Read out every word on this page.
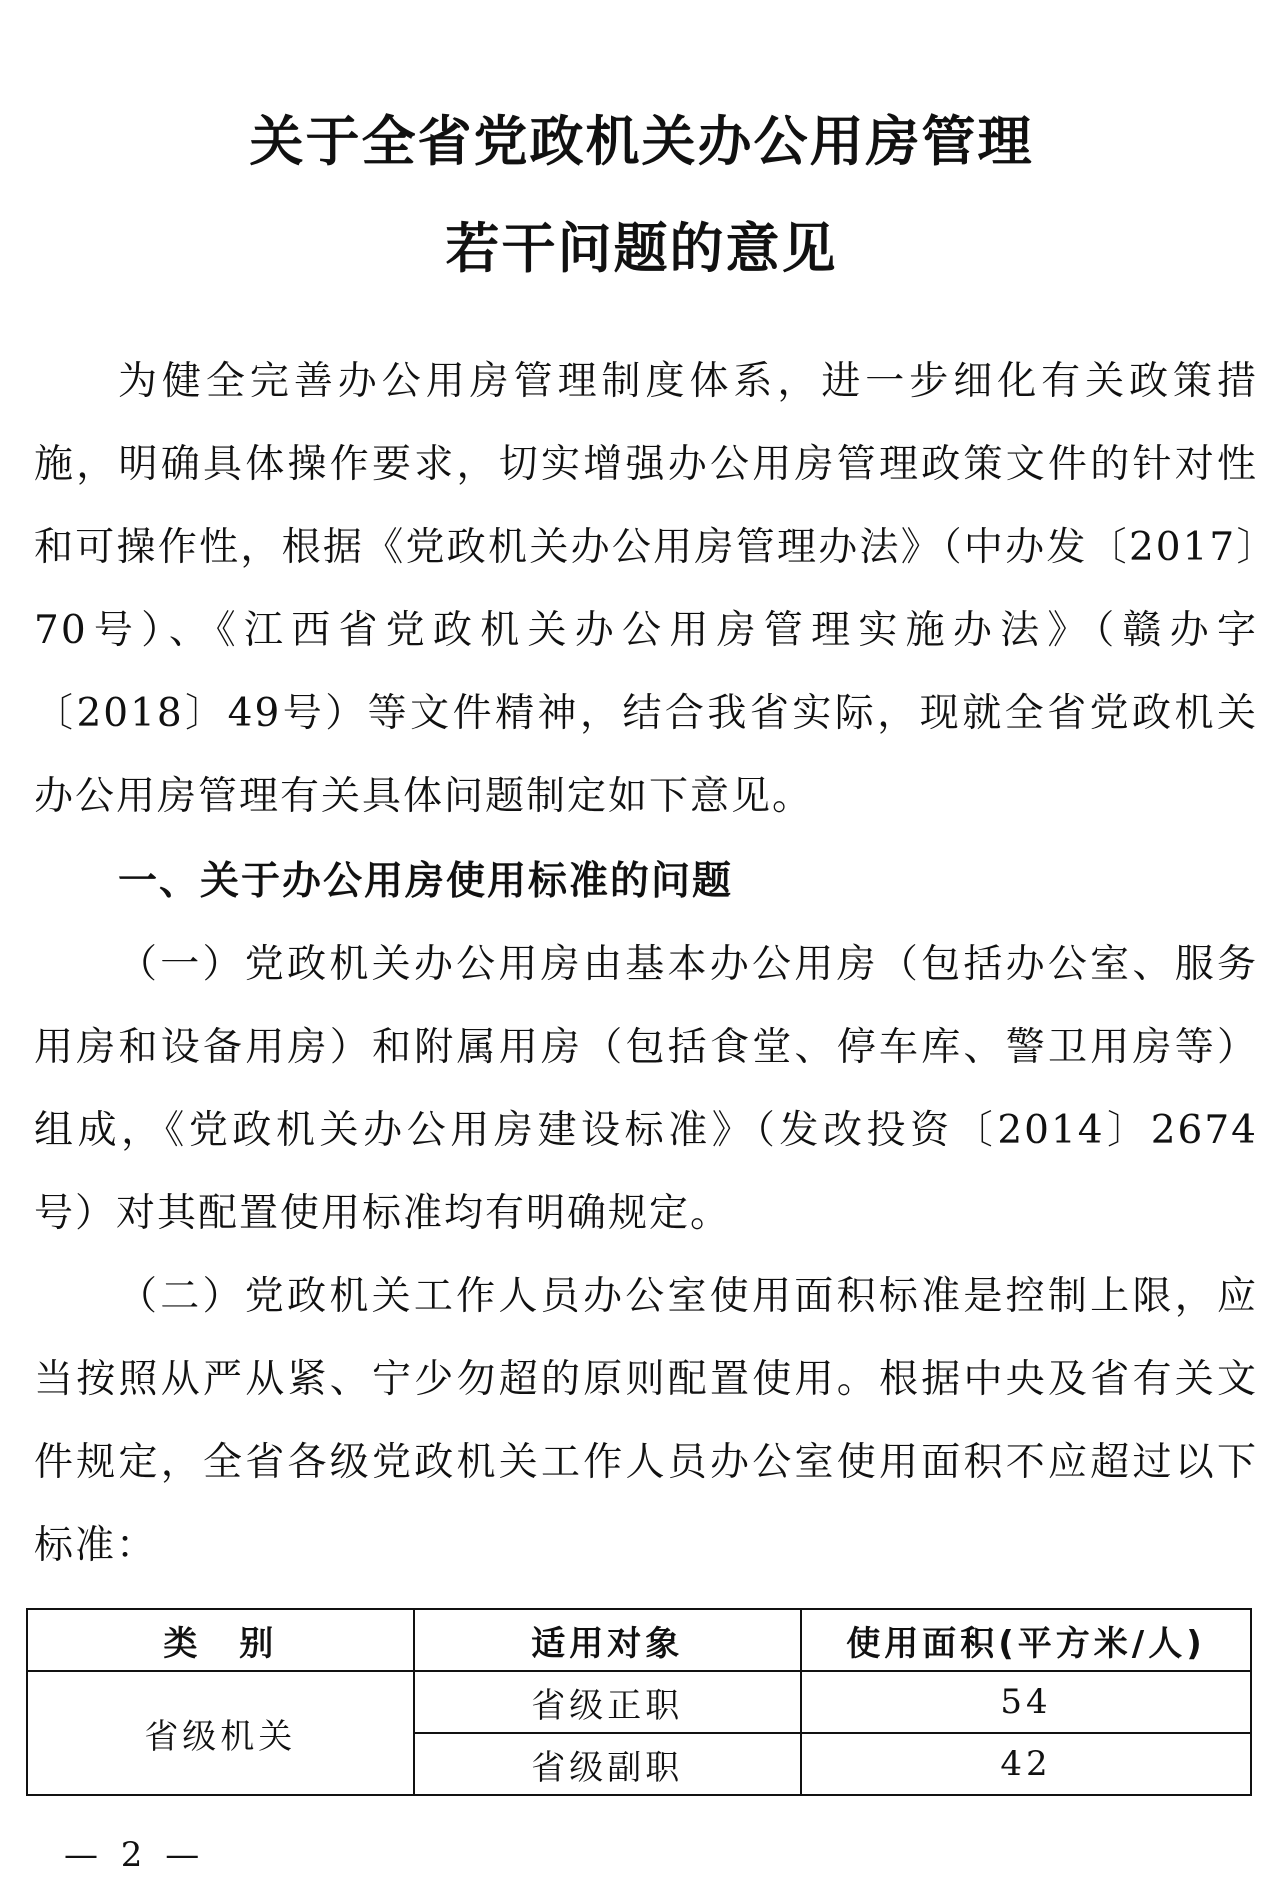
关于全省党政机关办公用房管理
若干问题的意见
为健全完善办公用房管理制度体系，进一步细化有关政策措施，明确具体操作要求，切实增强办公用房管理政策文件的针对性和可操作性，根据《党政机关办公用房管理办法》（中办发〔2017〕70号）、《江西省党政机关办公用房管理实施办法》（赣办字〔2018〕49号）等文件精神，结合我省实际，现就全省党政机关办公用房管理有关具体问题制定如下意见。
一、关于办公用房使用标准的问题
（一）党政机关办公用房由基本办公用房（包括办公室、服务用房和设备用房）和附属用房（包括食堂、停车库、警卫用房等）组成，《党政机关办公用房建设标准》（发改投资〔2014〕2674 号）对其配置使用标准均有明确规定。
（二）党政机关工作人员办公室使用面积标准是控制上限，应当按照从严从紧、宁少勿超的原则配置使用。根据中央及省有关文件规定，全省各级党政机关工作人员办公室使用面积不应超过以下标准：
类　别	适用对象	使用面积(平方米/人)
省级机关	省级正职	54
	省级副职	42
— 2 —
